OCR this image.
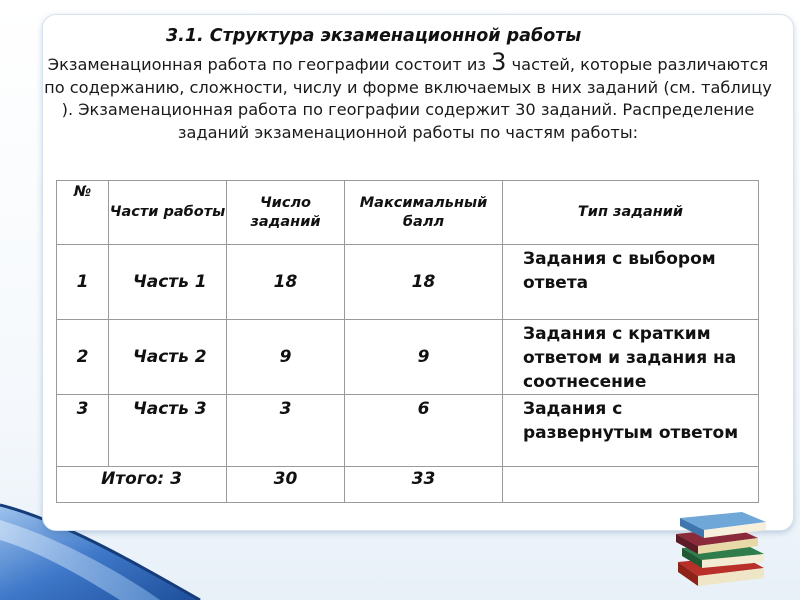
3.1. Структура экзаменационной работы
Экзаменационная работа по географии состоит из 3 частей, которые различаются по содержанию, сложности, числу и форме включаемых в них заданий (см. таблицу ). Экзаменационная работа по географии содержит 30 заданий. Распределение заданий экзаменационной работы по частям работы:
№	Части работы	Число заданий	Максимальный балл	Тип заданий
1	Часть 1	18	18	Задания с выбором ответа
2	Часть 2	9	9	Задания с кратким ответом и задания на соотнесение
3	Часть 3	3	6	Задания с развернутым ответом
Итого: 3		30	33	
